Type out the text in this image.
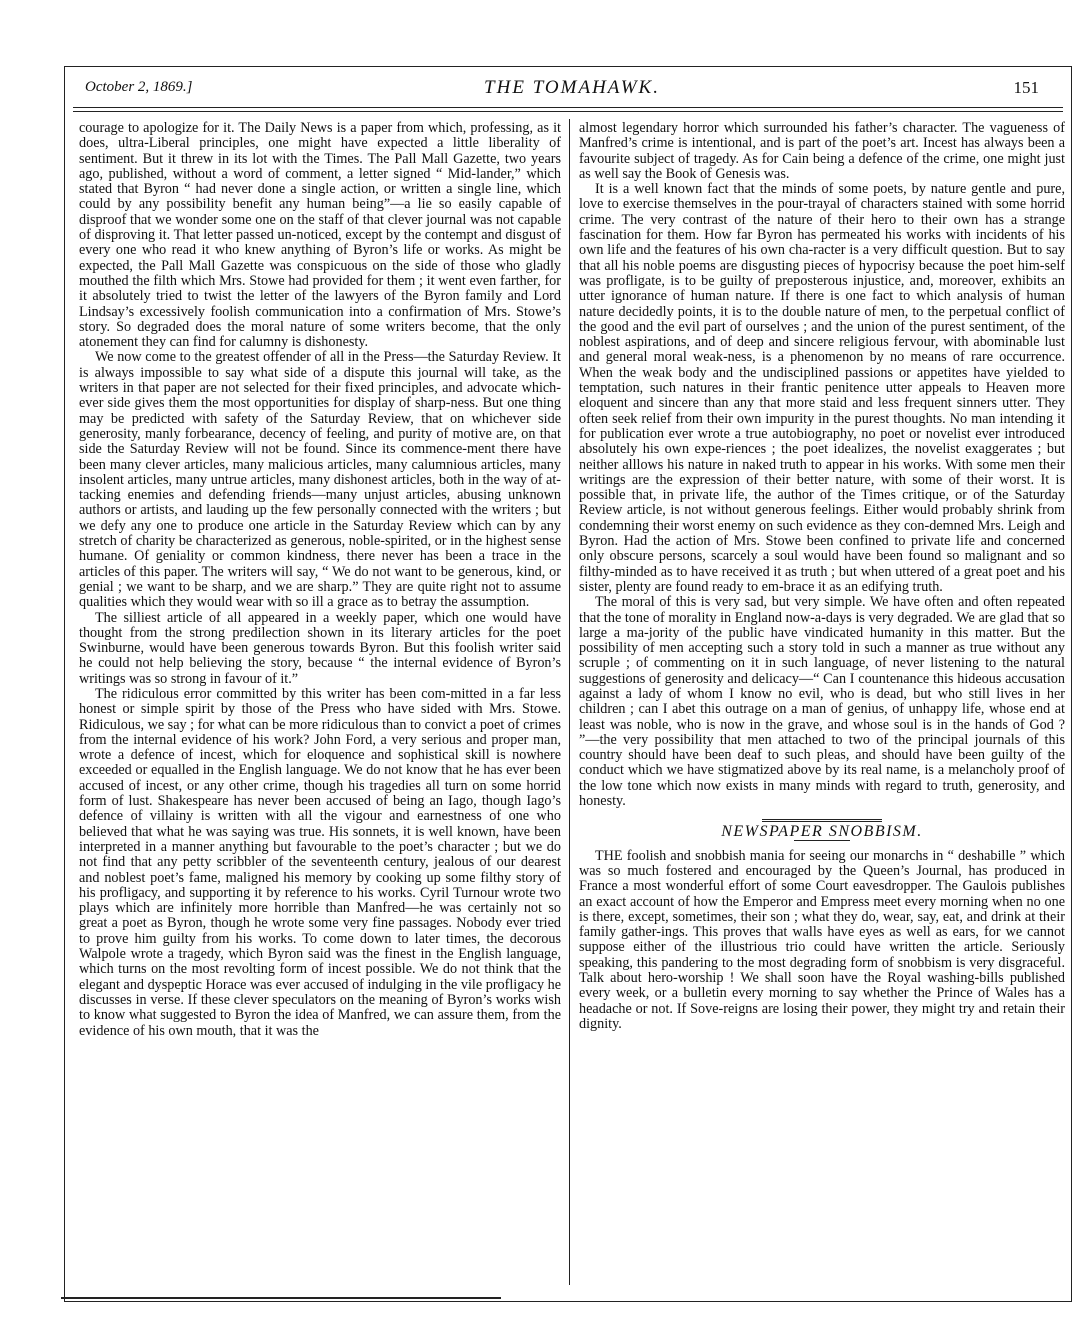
October 2, 1869.]	THE TOMAHAWK.	151

courage to apologize for it. The Daily News is a paper from which, professing, as it does, ultra-Liberal principles, one might have expected a little liberality of sentiment. But it threw in its lot with the Times. The Pall Mall Gazette, two years ago, published, without a word of comment, a letter signed “ Mid-lander,” which stated that Byron “ had never done a single action, or written a single line, which could by any possibility benefit any human being”—a lie so easily capable of disproof that we wonder some one on the staff of that clever journal was not capable of disproving it. That letter passed un-noticed, except by the contempt and disgust of every one who read it who knew anything of Byron’s life or works. As might be expected, the Pall Mall Gazette was conspicuous on the side of those who gladly mouthed the filth which Mrs. Stowe had provided for them ; it went even farther, for it absolutely tried to twist the letter of the lawyers of the Byron family and Lord Lindsay’s excessively foolish communication into a confirmation of Mrs. Stowe’s story. So degraded does the moral nature of some writers become, that the only atonement they can find for calumny is dishonesty.

We now come to the greatest offender of all in the Press—the Saturday Review. It is always impossible to say what side of a dispute this journal will take, as the writers in that paper are not selected for their fixed principles, and advocate which-ever side gives them the most opportunities for display of sharp-ness. But one thing may be predicted with safety of the Saturday Review, that on whichever side generosity, manly forbearance, decency of feeling, and purity of motive are, on that side the Saturday Review will not be found. Since its commence-ment there have been many clever articles, many malicious articles, many calumnious articles, many insolent articles, many untrue articles, many dishonest articles, both in the way of at-tacking enemies and defending friends—many unjust articles, abusing unknown authors or artists, and lauding up the few personally connected with the writers ; but we defy any one to produce one article in the Saturday Review which can by any stretch of charity be characterized as generous, noble-spirited, or in the highest sense humane. Of geniality or common kindness, there never has been a trace in the articles of this paper. The writers will say, “ We do not want to be generous, kind, or genial ; we want to be sharp, and we are sharp.” They are quite right not to assume qualities which they would wear with so ill a grace as to betray the assumption.

The silliest article of all appeared in a weekly paper, which one would have thought from the strong predilection shown in its literary articles for the poet Swinburne, would have been generous towards Byron. But this foolish writer said he could not help believing the story, because “ the internal evidence of Byron’s writings was so strong in favour of it.”

The ridiculous error committed by this writer has been com-mitted in a far less honest or simple spirit by those of the Press who have sided with Mrs. Stowe. Ridiculous, we say ; for what can be more ridiculous than to convict a poet of crimes from the internal evidence of his work? John Ford, a very serious and proper man, wrote a defence of incest, which for eloquence and sophistical skill is nowhere exceeded or equalled in the English language. We do not know that he has ever been accused of incest, or any other crime, though his tragedies all turn on some horrid form of lust. Shakespeare has never been accused of being an Iago, though Iago’s defence of villainy is written with all the vigour and earnestness of one who believed that what he was saying was true. His sonnets, it is well known, have been interpreted in a manner anything but favourable to the poet’s character ; but we do not find that any petty scribbler of the seventeenth century, jealous of our dearest and noblest poet’s fame, maligned his memory by cooking up some filthy story of his profligacy, and supporting it by reference to his works. Cyril Turnour wrote two plays which are infinitely more horrible than Manfred—he was certainly not so great a poet as Byron, though he wrote some very fine passages. Nobody ever tried to prove him guilty from his works. To come down to later times, the decorous Walpole wrote a tragedy, which Byron said was the finest in the English language, which turns on the most revolting form of incest possible. We do not think that the elegant and dyspeptic Horace was ever accused of indulging in the vile profligacy he discusses in verse. If these clever speculators on the meaning of Byron’s works wish to know what suggested to Byron the idea of Manfred, we can assure them, from the evidence of his own mouth, that it was the

almost legendary horror which surrounded his father’s character. The vagueness of Manfred’s crime is intentional, and is part of the poet’s art. Incest has always been a favourite subject of tragedy. As for Cain being a defence of the crime, one might just as well say the Book of Genesis was.

It is a well known fact that the minds of some poets, by nature gentle and pure, love to exercise themselves in the pour-trayal of characters stained with some horrid crime. The very contrast of the nature of their hero to their own has a strange fascination for them. How far Byron has permeated his works with incidents of his own life and the features of his own cha-racter is a very difficult question. But to say that all his noble poems are disgusting pieces of hypocrisy because the poet him-self was profligate, is to be guilty of preposterous injustice, and, moreover, exhibits an utter ignorance of human nature. If there is one fact to which analysis of human nature decidedly points, it is to the double nature of men, to the perpetual conflict of the good and the evil part of ourselves ; and the union of the purest sentiment, of the noblest aspirations, and of deep and sincere religious fervour, with abominable lust and general moral weak-ness, is a phenomenon by no means of rare occurrence. When the weak body and the undisciplined passions or appetites have yielded to temptation, such natures in their frantic penitence utter appeals to Heaven more eloquent and sincere than any that more staid and less frequent sinners utter. They often seek relief from their own impurity in the purest thoughts. No man intending it for publication ever wrote a true autobiography, no poet or novelist ever introduced absolutely his own expe-riences ; the poet idealizes, the novelist exaggerates ; but neither alllows his nature in naked truth to appear in his works. With some men their writings are the expression of their better nature, with some of their worst. It is possible that, in private life, the author of the Times critique, or of the Saturday Review article, is not without generous feelings. Either would probably shrink from condemning their worst enemy on such evidence as they con-demned Mrs. Leigh and Byron. Had the action of Mrs. Stowe been confined to private life and concerned only obscure persons, scarcely a soul would have been found so malignant and so filthy-minded as to have received it as truth ; but when uttered of a great poet and his sister, plenty are found ready to em-brace it as an edifying truth.

The moral of this is very sad, but very simple. We have often and often repeated that the tone of morality in England now-a-days is very degraded. We are glad that so large a ma-jority of the public have vindicated humanity in this matter. But the possibility of men accepting such a story told in such a manner as true without any scruple ; of commenting on it in such language, of never listening to the natural suggestions of generosity and delicacy—“ Can I countenance this hideous accusation against a lady of whom I know no evil, who is dead, but who still lives in her children ; can I abet this outrage on a man of genius, of unhappy life, whose end at least was noble, who is now in the grave, and whose soul is in the hands of God ? ”—the very possibility that men attached to two of the principal journals of this country should have been deaf to such pleas, and should have been guilty of the conduct which we have stigmatized above by its real name, is a melancholy proof of the low tone which now exists in many minds with regard to truth, generosity, and honesty.

NEWSPAPER SNOBBISM.

THE foolish and snobbish mania for seeing our monarchs in “ deshabille ” which was so much fostered and encouraged by the Queen’s Journal, has produced in France a most wonderful effort of some Court eavesdropper. The Gaulois publishes an exact account of how the Emperor and Empress meet every morning when no one is there, except, sometimes, their son ; what they do, wear, say, eat, and drink at their family gather-ings. This proves that walls have eyes as well as ears, for we cannot suppose either of the illustrious trio could have written the article. Seriously speaking, this pandering to the most degrading form of snobbism is very disgraceful. Talk about hero-worship ! We shall soon have the Royal washing-bills published every week, or a bulletin every morning to say whether the Prince of Wales has a headache or not. If Sove-reigns are losing their power, they might try and retain their dignity.
